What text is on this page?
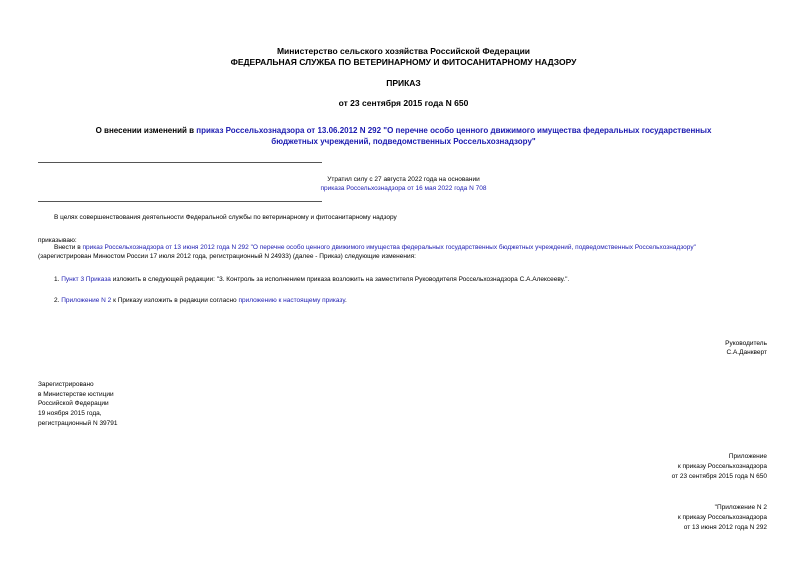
Министерство сельского хозяйства Российской Федерации
ФЕДЕРАЛЬНАЯ СЛУЖБА ПО ВЕТЕРИНАРНОМУ И ФИТОСАНИТАРНОМУ НАДЗОРУ
ПРИКАЗ
от 23 сентября 2015 года N 650
О внесении изменений в приказ Россельхознадзора от 13.06.2012 N 292 "О перечне особо ценного движимого имущества федеральных государственных
бюджетных учреждений, подведомственных Россельхознадзору"
Утратил силу с 27 августа 2022 года на основании
приказа Россельхознадзора от 16 мая 2022 года N 708
В целях совершенствования деятельности Федеральной службы по ветеринарному и фитосанитарному надзору
приказываю:
Внести в приказ Россельхознадзора от 13 июня 2012 года N 292 "О перечне особо ценного движимого имущества федеральных государственных бюджетных учреждений, подведомственных Россельхознадзору"
(зарегистрирован Минюстом России 17 июля 2012 года, регистрационный N 24933) (далее - Приказ) следующие изменения:
1. Пункт 3 Приказа изложить в следующей редакции: "3. Контроль за исполнением приказа возложить на заместителя Руководителя Россельхознадзора С.А.Алексееву.".
2. Приложение N 2 к Приказу изложить в редакции согласно приложению к настоящему приказу.
Руководитель
С.А.Данкверт
Зарегистрировано
в Министерстве юстиции
Российской Федерации
19 ноября 2015 года,
регистрационный N 39791
Приложение
к приказу Россельхознадзора
от 23 сентября 2015 года N 650
"Приложение N 2
к приказу Россельхознадзора
от 13 июня 2012 года N 292
